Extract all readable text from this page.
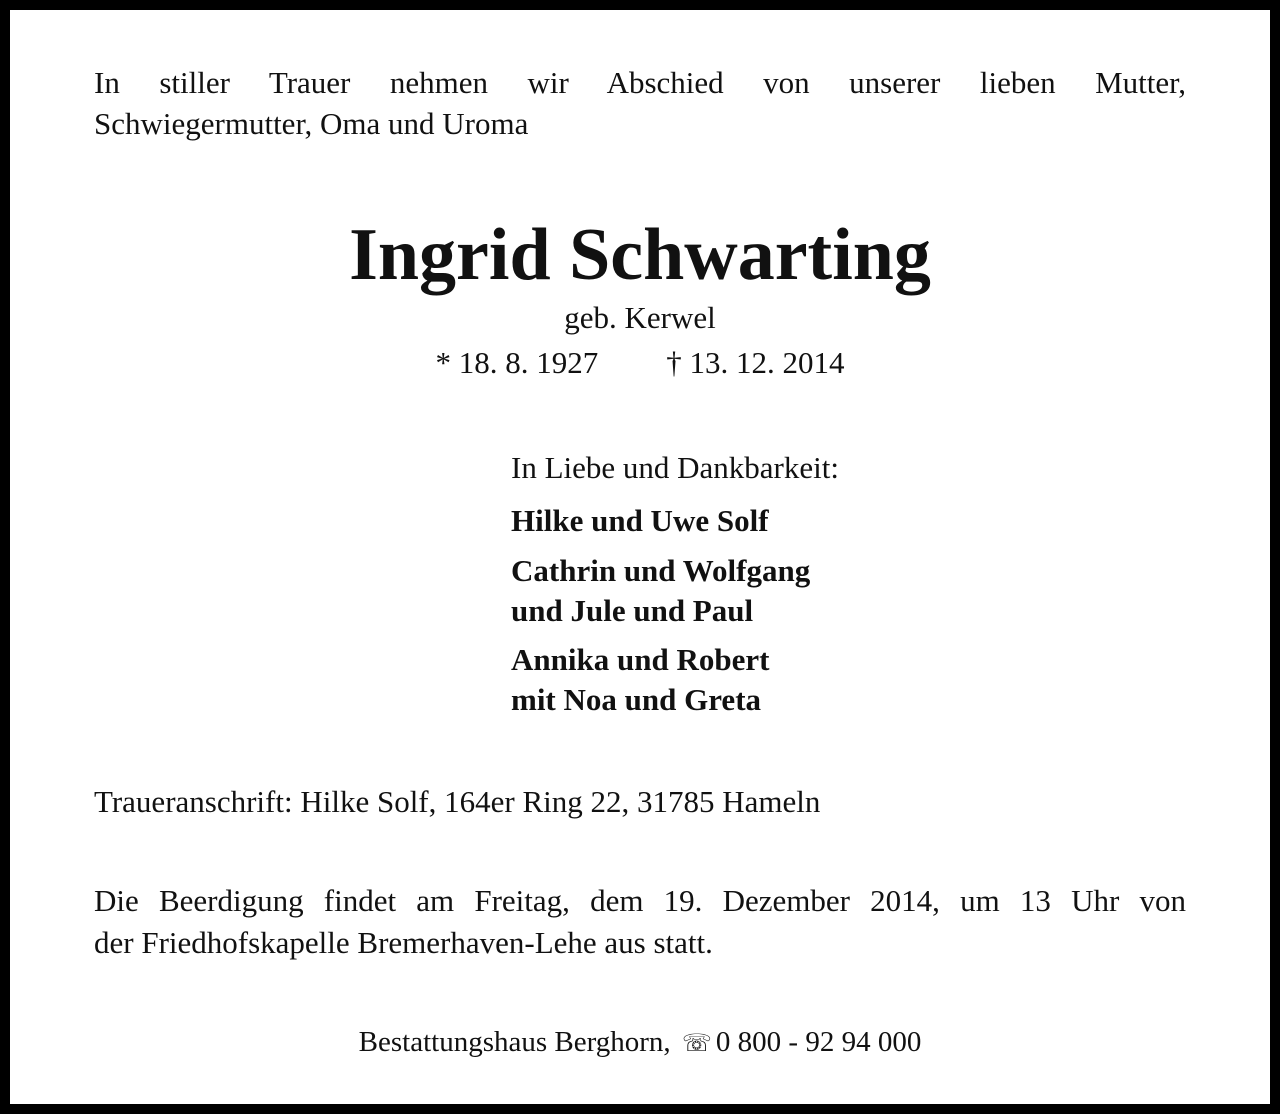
In stiller Trauer nehmen wir Abschied von unserer lieben Mutter,
Schwiegermutter, Oma und Uroma
Ingrid Schwarting
geb. Kerwel
* 18. 8. 1927 † 13. 12. 2014
In Liebe und Dankbarkeit:
Hilke und Uwe Solf
Cathrin und Wolfgang
und Jule und Paul
Annika und Robert
mit Noa und Greta
Traueranschrift: Hilke Solf, 164er Ring 22, 31785 Hameln
Die Beerdigung findet am Freitag, dem 19. Dezember 2014, um 13 Uhr von
der Friedhofskapelle Bremerhaven-Lehe aus statt.
Bestattungshaus Berghorn, ☏ 0 800 - 92 94 000
